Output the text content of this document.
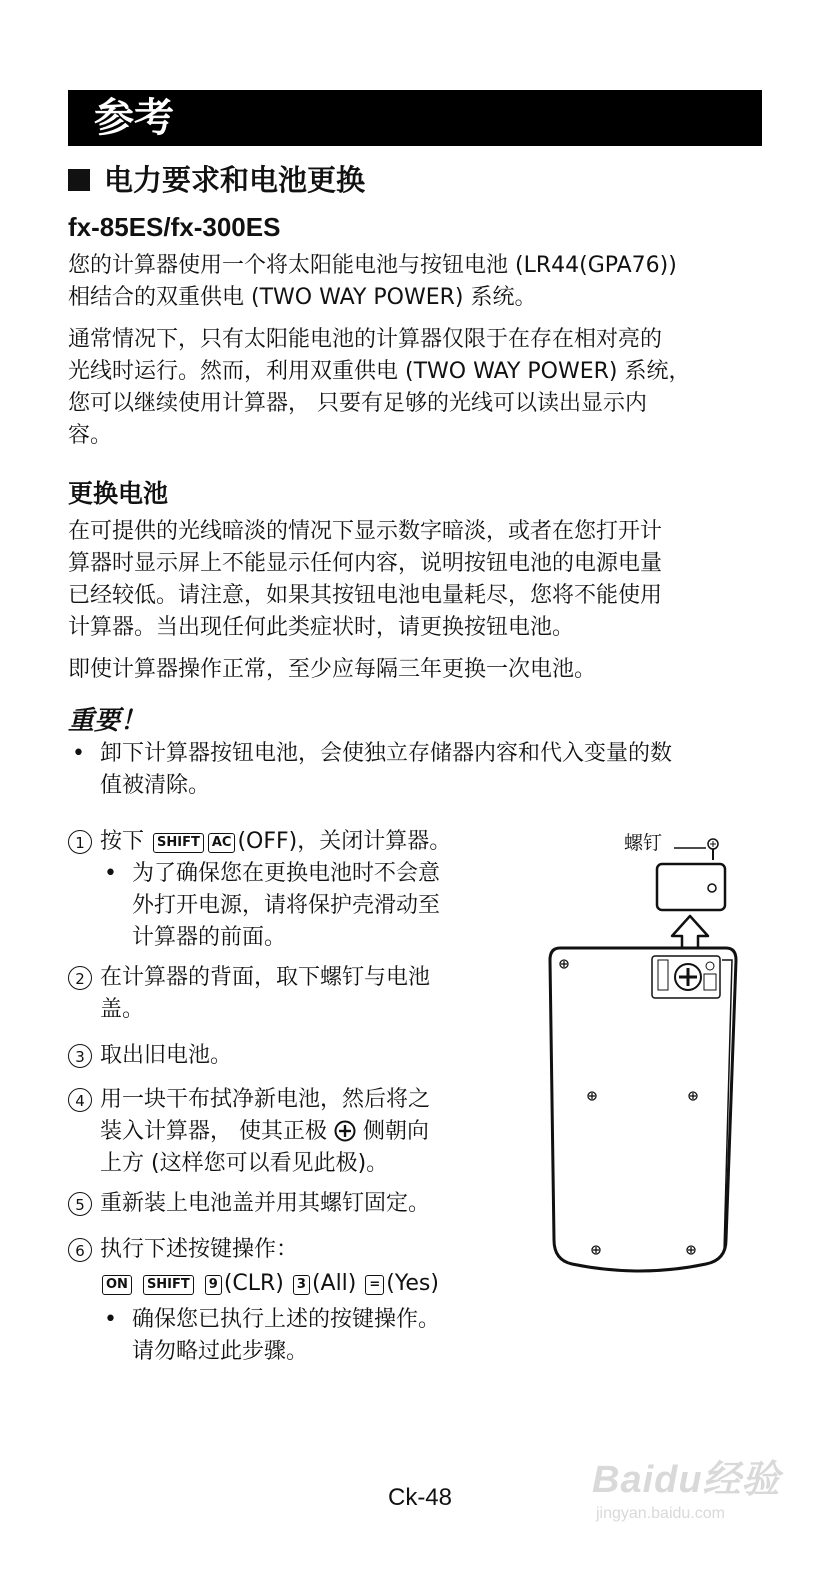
参考
电力要求和电池更换
fx-85ES/fx-300ES
您的计算器使用一个将太阳能电池与按钮电池 (LR44(GPA76))
相结合的双重供电 (TWO WAY POWER) 系统。
通常情况下，只有太阳能电池的计算器仅限于在存在相对亮的
光线时运行。然而，利用双重供电 (TWO WAY POWER) 系统，
您可以继续使用计算器， 只要有足够的光线可以读出显示内
容。
更换电池
在可提供的光线暗淡的情况下显示数字暗淡，或者在您打开计
算器时显示屏上不能显示任何内容，说明按钮电池的电源电量
已经较低。请注意，如果其按钮电池电量耗尽，您将不能使用
计算器。当出现任何此类症状时，请更换按钮电池。
即使计算器操作正常，至少应每隔三年更换一次电池。
重要！
• 卸下计算器按钮电池，会使独立存储器内容和代入变量的数
值被清除。
1 按下 SHIFT AC (OFF)，关闭计算器。
• 为了确保您在更换电池时不会意
外打开电源，请将保护壳滑动至
计算器的前面。
2 在计算器的背面，取下螺钉与电池
盖。
3 取出旧电池。
4 用一块干布拭净新电池，然后将之
装入计算器， 使其正极 侧朝向
上方 (这样您可以看见此极)。
5 重新装上电池盖并用其螺钉固定。
6 执行下述按键操作：
ON SHIFT 9 (CLR) 3 (All) = (Yes)
• 确保您已执行上述的按键操作。
请勿略过此步骤。
螺钉
Ck-48	Baidu经验
jingyan.baidu.com
